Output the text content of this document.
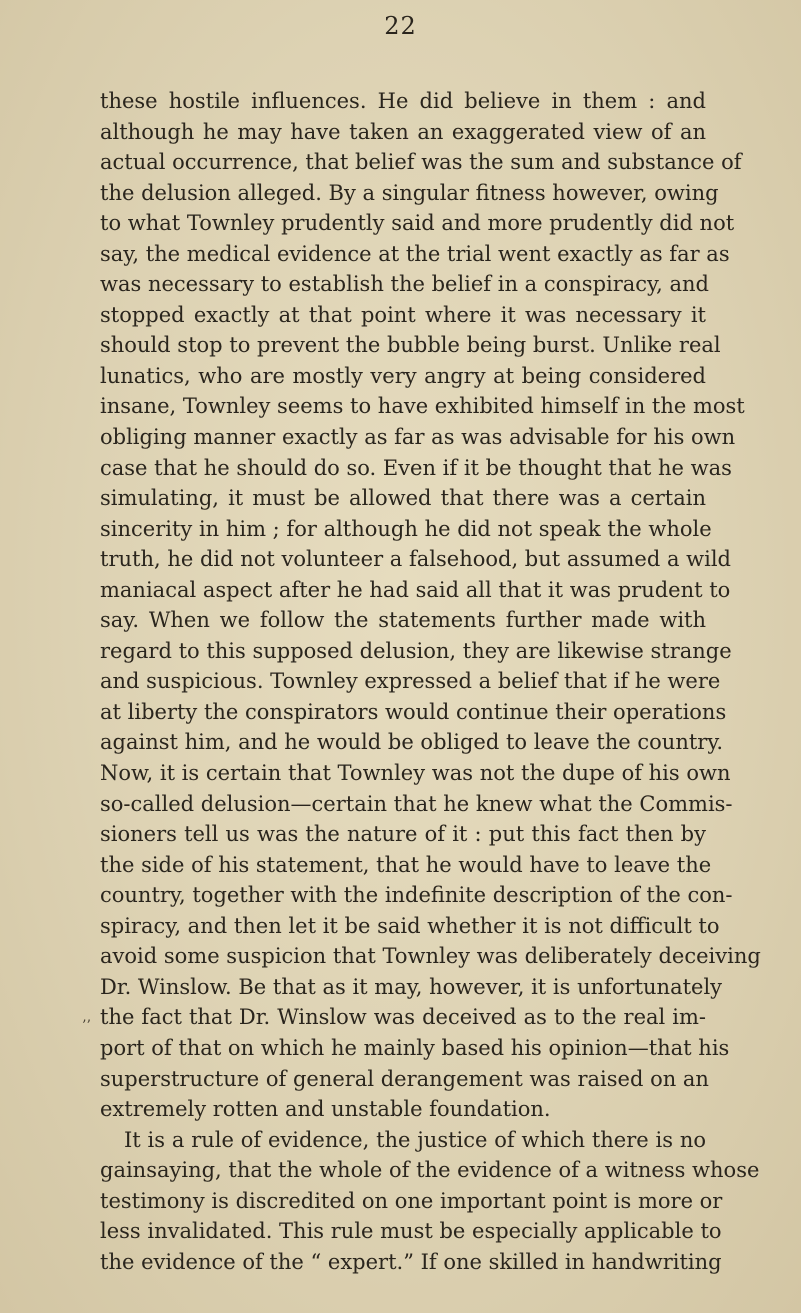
22
’’
these hostile influences. He did believe in them : and
although he may have taken an exaggerated view of an
actual occurrence, that belief was the sum and substance of
the delusion alleged. By a singular fitness however, owing
to what Townley prudently said and more prudently did not
say, the medical evidence at the trial went exactly as far as
was necessary to establish the belief in a conspiracy, and
stopped exactly at that point where it was necessary it
should stop to prevent the bubble being burst. Unlike real
lunatics, who are mostly very angry at being considered
insane, Townley seems to have exhibited himself in the most
obliging manner exactly as far as was advisable for his own
case that he should do so. Even if it be thought that he was
simulating, it must be allowed that there was a certain
sincerity in him ; for although he did not speak the whole
truth, he did not volunteer a falsehood, but assumed a wild
maniacal aspect after he had said all that it was prudent to
say. When we follow the statements further made with
regard to this supposed delusion, they are likewise strange
and suspicious. Townley expressed a belief that if he were
at liberty the conspirators would continue their operations
against him, and he would be obliged to leave the country.
Now, it is certain that Townley was not the dupe of his own
so-called delusion—certain that he knew what the Commis-
sioners tell us was the nature of it : put this fact then by
the side of his statement, that he would have to leave the
country, together with the indefinite description of the con-
spiracy, and then let it be said whether it is not difficult to
avoid some suspicion that Townley was deliberately deceiving
Dr. Winslow. Be that as it may, however, it is unfortunately
the fact that Dr. Winslow was deceived as to the real im-
port of that on which he mainly based his opinion—that his
superstructure of general derangement was raised on an
extremely rotten and unstable foundation.
It is a rule of evidence, the justice of which there is no
gainsaying, that the whole of the evidence of a witness whose
testimony is discredited on one important point is more or
less invalidated. This rule must be especially applicable to
the evidence of the “ expert.” If one skilled in handwriting
